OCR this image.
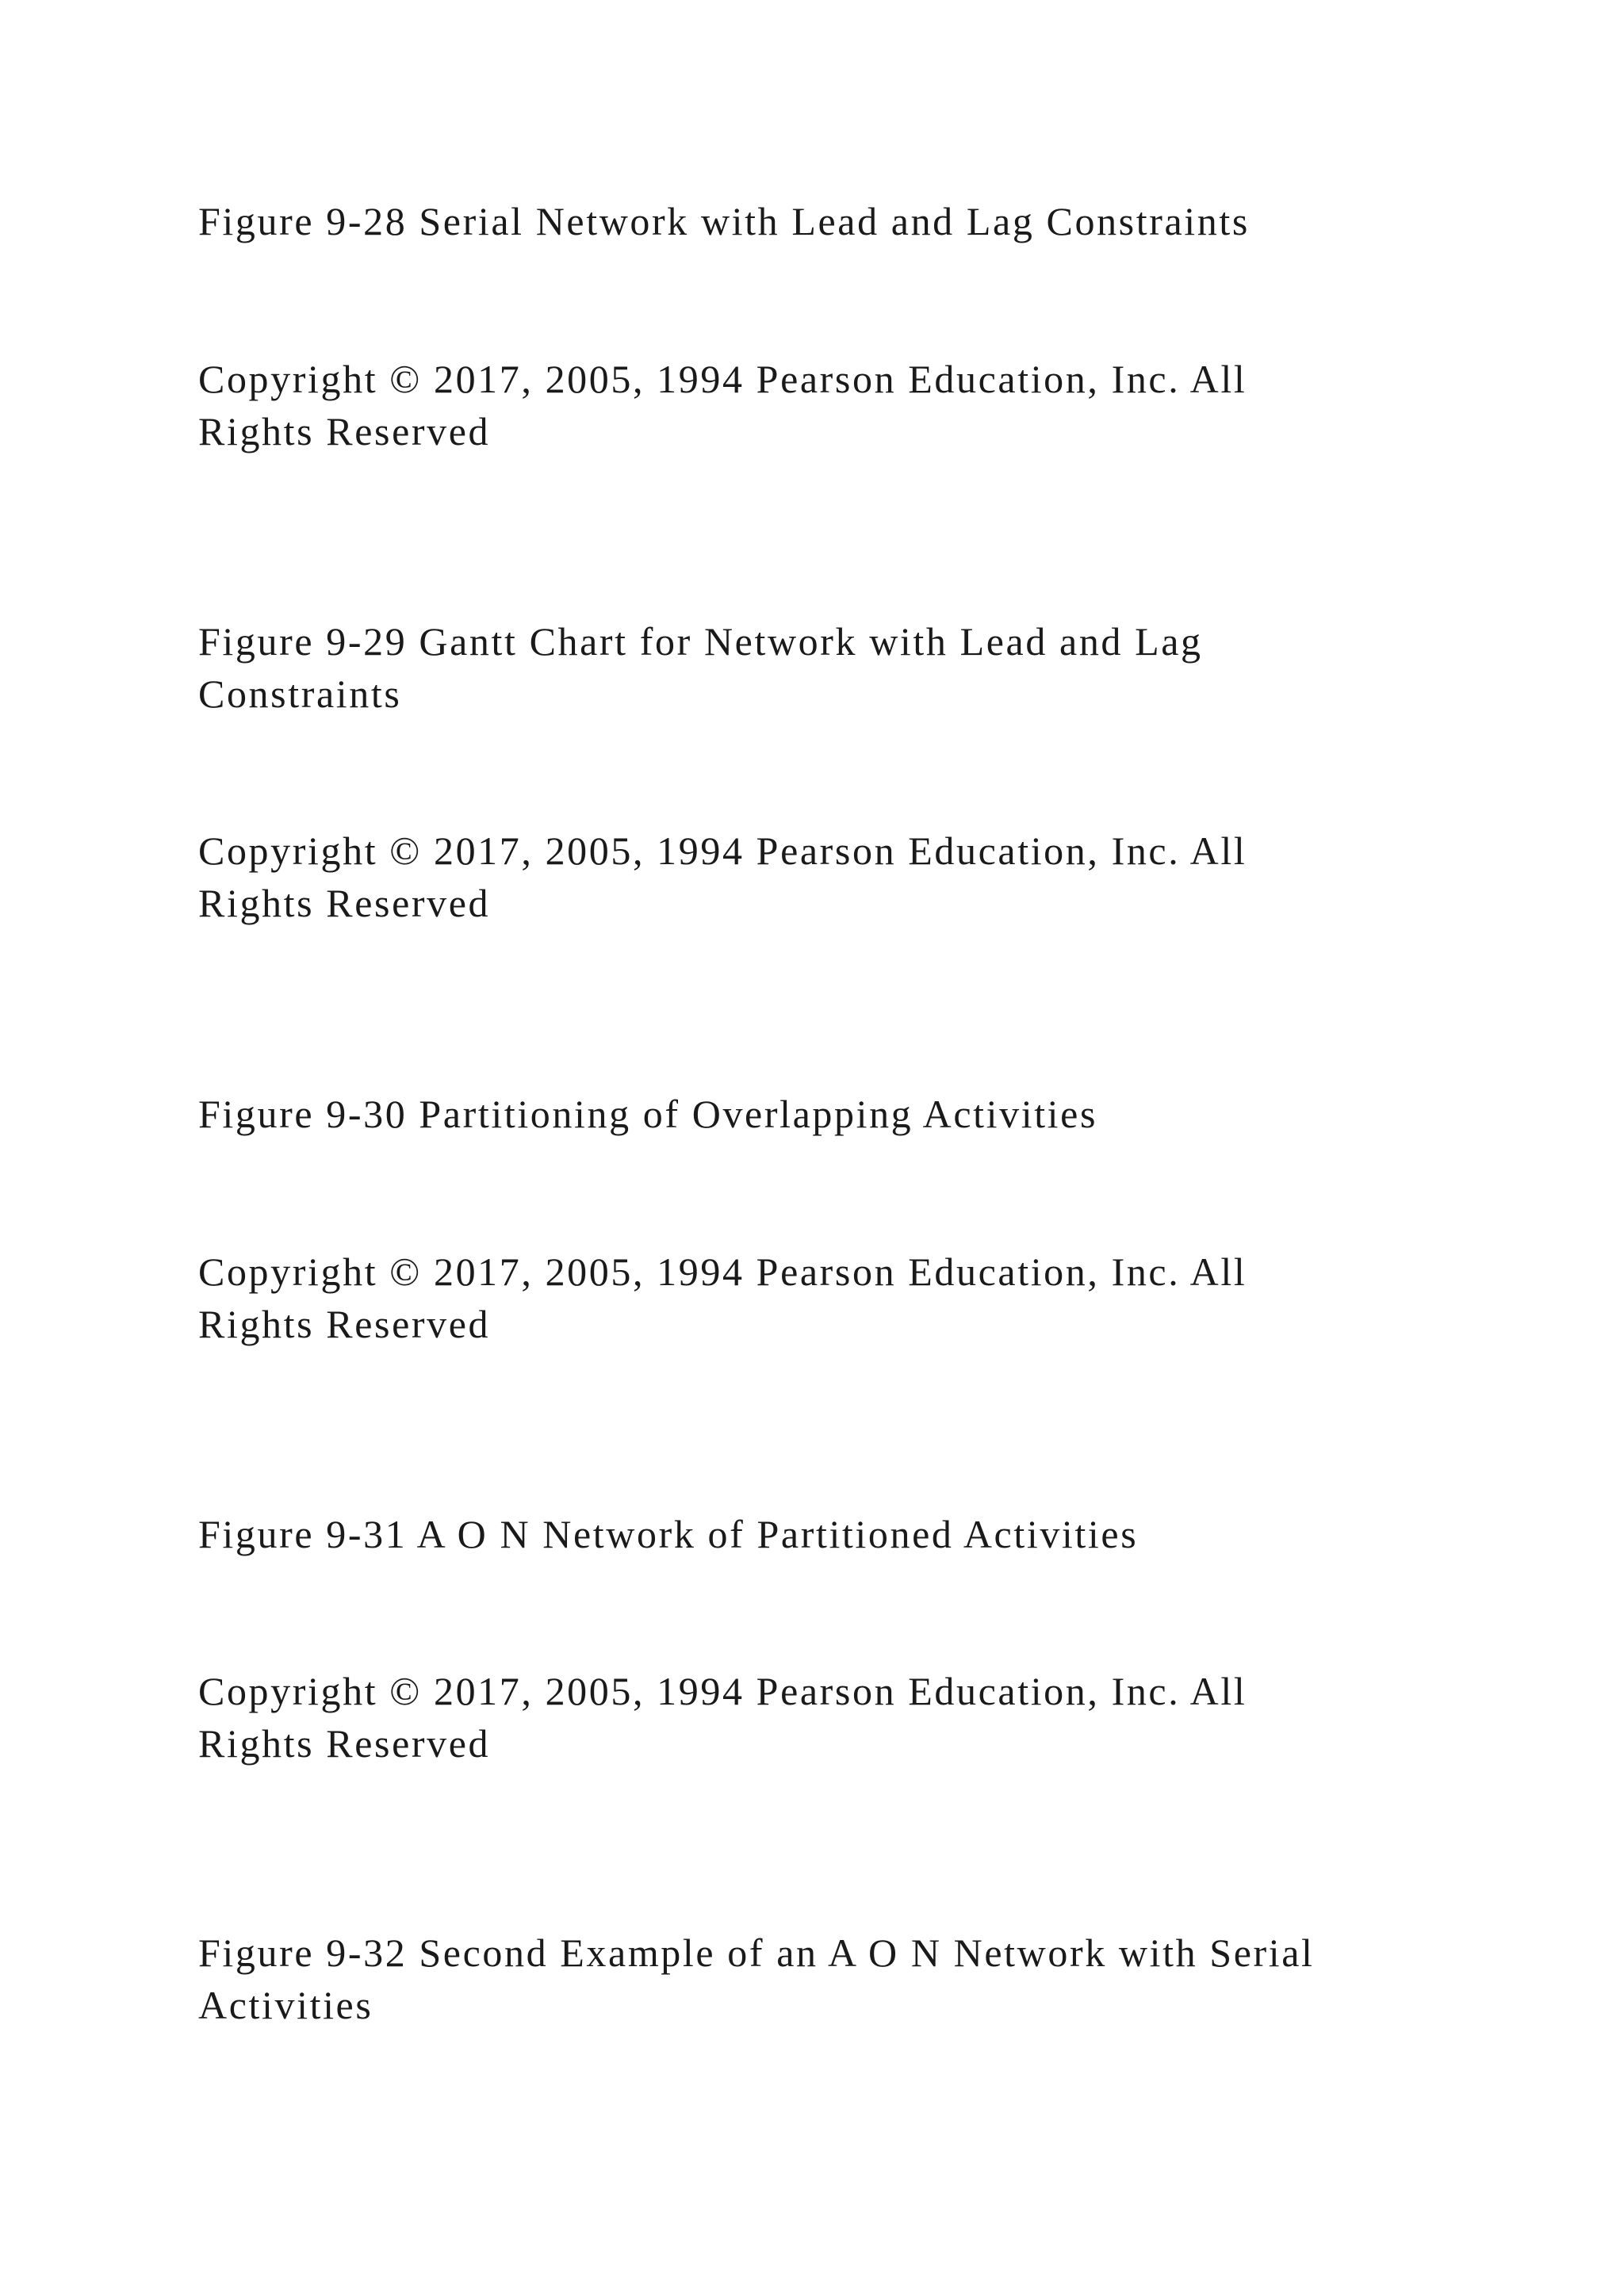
Figure 9-28 Serial Network with Lead and Lag Constraints

Copyright © 2017, 2005, 1994 Pearson Education, Inc. All

Rights Reserved

Figure 9-29 Gantt Chart for Network with Lead and Lag

Constraints

Copyright © 2017, 2005, 1994 Pearson Education, Inc. All

Rights Reserved

Figure 9-30 Partitioning of Overlapping Activities

Copyright © 2017, 2005, 1994 Pearson Education, Inc. All

Rights Reserved

Figure 9-31 A O N Network of Partitioned Activities

Copyright © 2017, 2005, 1994 Pearson Education, Inc. All

Rights Reserved

Figure 9-32 Second Example of an A O N Network with Serial

Activities
